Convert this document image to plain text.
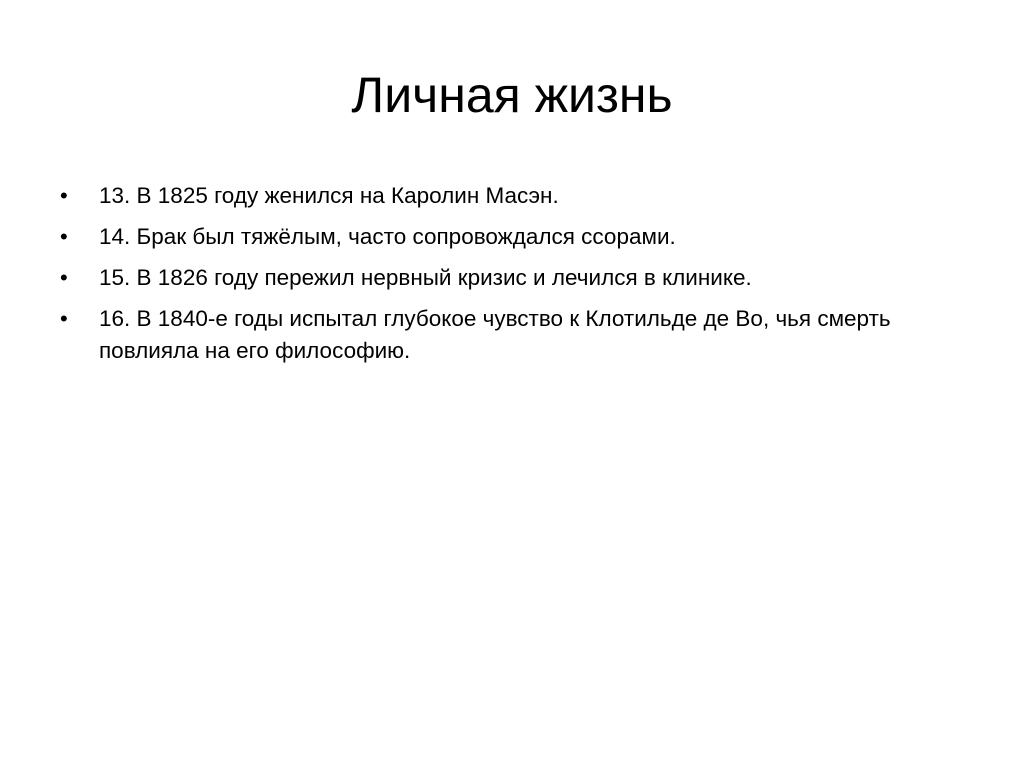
Личная жизнь
• 13. В 1825 году женился на Каролин Масэн.
• 14. Брак был тяжёлым, часто сопровождался ссорами.
• 15. В 1826 году пережил нервный кризис и лечился в клинике.
• 16. В 1840-е годы испытал глубокое чувство к Клотильде де Во, чья смерть повлияла на его философию.
